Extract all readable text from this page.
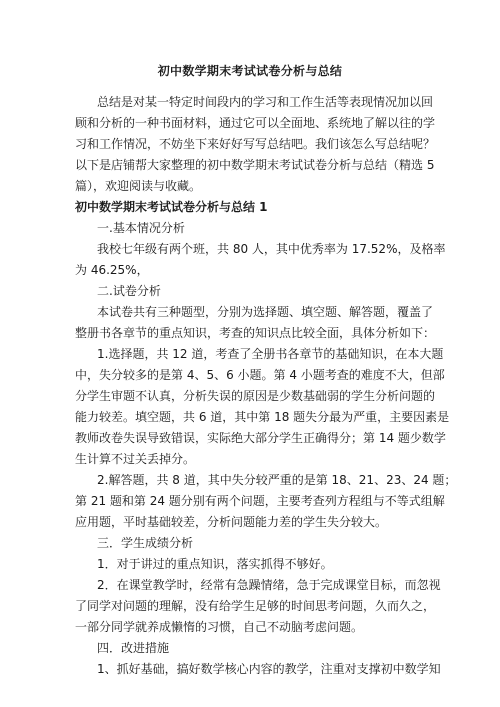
初中数学期末考试试卷分析与总结
总结是对某一特定时间段内的学习和工作生活等表现情况加以回
顾和分析的一种书面材料，通过它可以全面地、系统地了解以往的学
习和工作情况，不妨坐下来好好写写总结吧。我们该怎么写总结呢？
以下是店铺帮大家整理的初中数学期末考试试卷分析与总结（精选 5
篇），欢迎阅读与收藏。
初中数学期末考试试卷分析与总结 1
一.基本情况分析
我校七年级有两个班，共 80 人，其中优秀率为 17.52%，及格率
为 46.25%，
二.试卷分析
本试卷共有三种题型，分别为选择题、填空题、解答题，覆盖了
整册书各章节的重点知识，考查的知识点比较全面，具体分析如下：
1.选择题，共 12 道，考查了全册书各章节的基础知识，在本大题
中，失分较多的是第 4、5、6 小题。第 4 小题考查的难度不大，但部
分学生审题不认真，分析失误的原因是少数基础弱的学生分析问题的
能力较差。填空题，共 6 道，其中第 18 题失分最为严重，主要因素是
教师改卷失误导致错误，实际绝大部分学生正确得分；第 14 题少数学
生计算不过关丢掉分。
2.解答题，共 8 道，其中失分较严重的是第 18、21、23、24 题；
第 21 题和第 24 题分别有两个问题，主要考查列方程组与不等式组解
应用题，平时基础较差，分析问题能力差的学生失分较大。
三．学生成绩分析
1．对于讲过的重点知识，落实抓得不够好。
2．在课堂教学时，经常有急躁情绪，急于完成课堂目标，而忽视
了同学对问题的理解，没有给学生足够的时间思考问题，久而久之，
一部分同学就养成懒惰的习惯，自己不动脑考虑问题。
四．改进措施
1、抓好基础，搞好数学核心内容的教学，注重对支撑初中数学知
